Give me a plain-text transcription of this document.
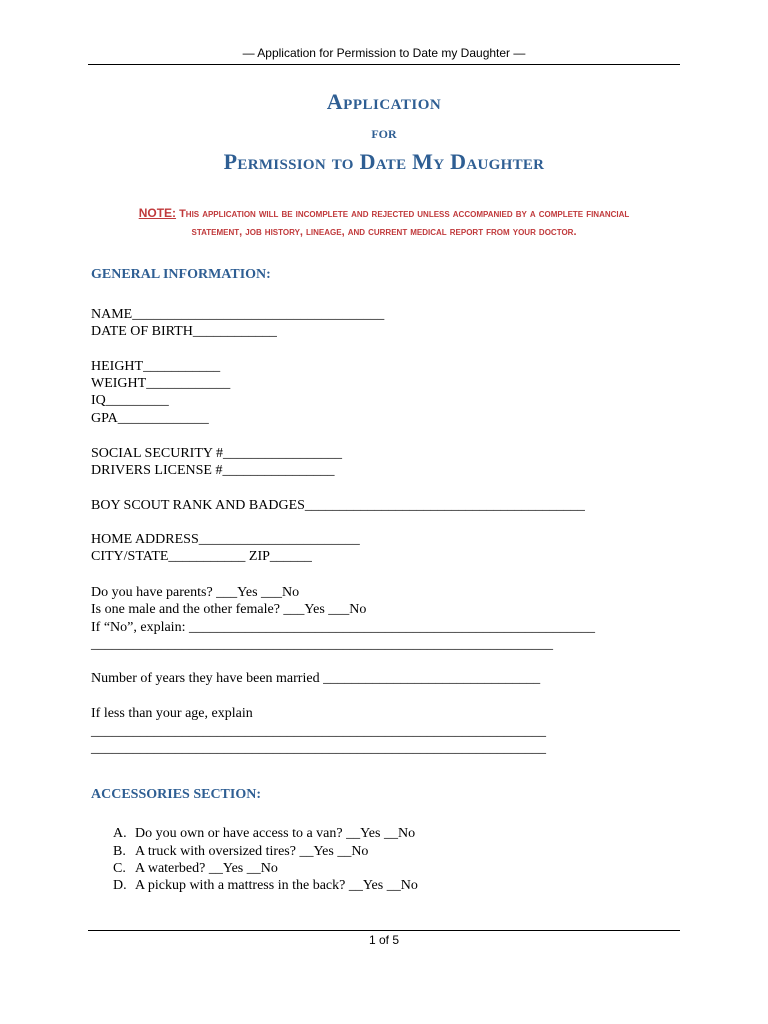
— Application for Permission to Date my Daughter —
Application
for
Permission to Date My Daughter
NOTE: This application will be incomplete and rejected unless accompanied by a complete financial
statement, job history, lineage, and current medical report from your doctor.
GENERAL INFORMATION:
NAME____________________________________
DATE OF BIRTH____________
HEIGHT___________
WEIGHT____________
IQ_________
GPA_____________
SOCIAL SECURITY #_________________
DRIVERS LICENSE #________________
BOY SCOUT RANK AND BADGES________________________________________
HOME ADDRESS_______________________
CITY/STATE___________ ZIP______
Do you have parents? ___Yes ___No
Is one male and the other female? ___Yes ___No
If “No”, explain: __________________________________________________________
__________________________________________________________________
Number of years they have been married _______________________________
If less than your age, explain
_________________________________________________________________
_________________________________________________________________
ACCESSORIES SECTION:
A. Do you own or have access to a van? __Yes __No
B. A truck with oversized tires? __Yes __No
C. A waterbed? __Yes __No
D. A pickup with a mattress in the back? __Yes __No
1 of 5
